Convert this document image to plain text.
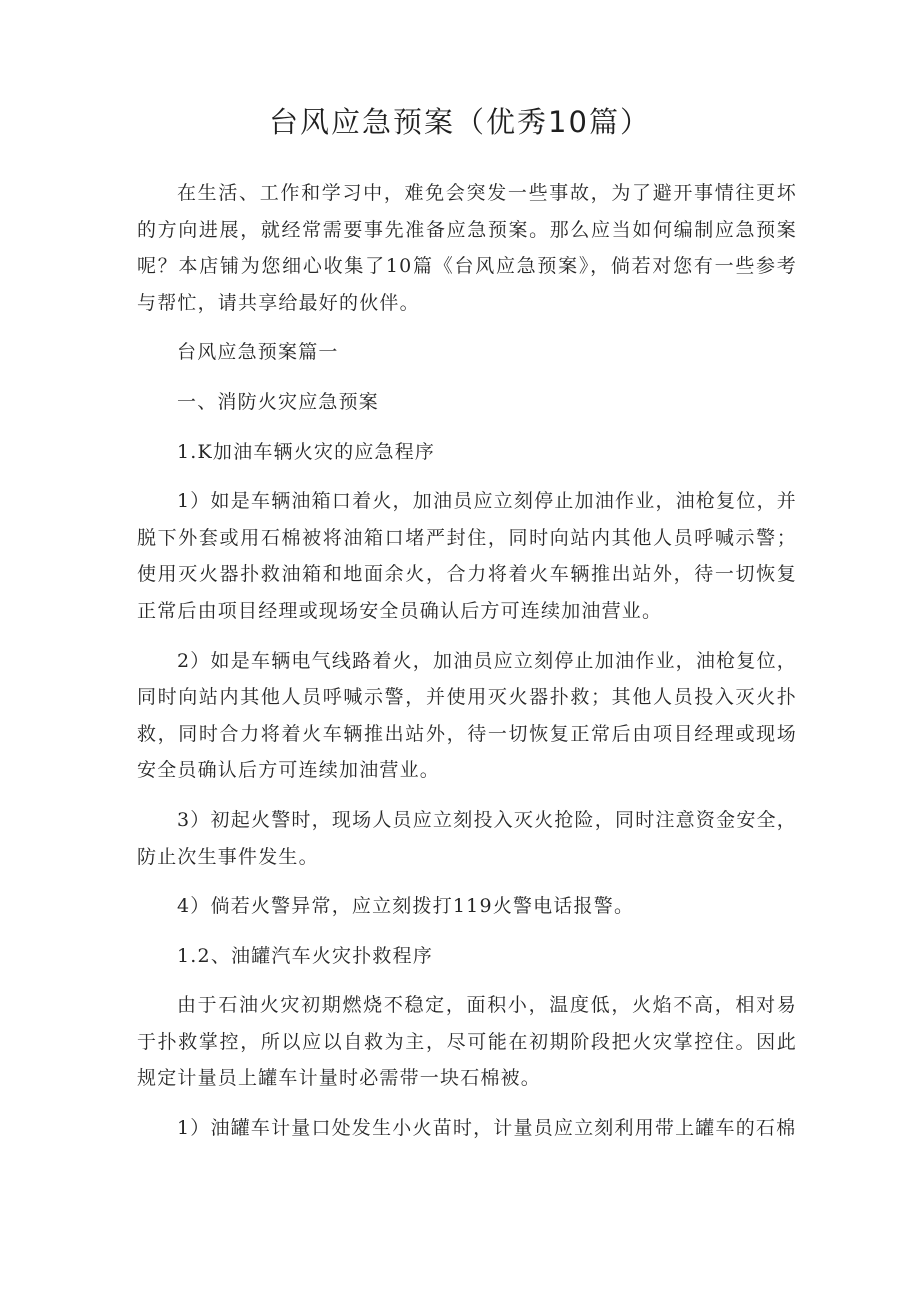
台风应急预案（优秀10篇）

在生活、工作和学习中，难免会突发一些事故，为了避开事情往更坏的方向进展，就经常需要事先准备应急预案。那么应当如何编制应急预案呢？本店铺为您细心收集了10篇《台风应急预案》，倘若对您有一些参考与帮忙，请共享给最好的伙伴。

台风应急预案篇一

一、消防火灾应急预案

1.K加油车辆火灾的应急程序

1）如是车辆油箱口着火，加油员应立刻停止加油作业，油枪复位，并脱下外套或用石棉被将油箱口堵严封住，同时向站内其他人员呼喊示警；使用灭火器扑救油箱和地面余火，合力将着火车辆推出站外，待一切恢复正常后由项目经理或现场安全员确认后方可连续加油营业。

2）如是车辆电气线路着火，加油员应立刻停止加油作业，油枪复位，同时向站内其他人员呼喊示警，并使用灭火器扑救；其他人员投入灭火扑救，同时合力将着火车辆推出站外，待一切恢复正常后由项目经理或现场安全员确认后方可连续加油营业。

3）初起火警时，现场人员应立刻投入灭火抢险，同时注意资金安全，防止次生事件发生。

4）倘若火警异常，应立刻拨打119火警电话报警。

1.2、油罐汽车火灾扑救程序

由于石油火灾初期燃烧不稳定，面积小，温度低，火焰不高，相对易于扑救掌控，所以应以自救为主，尽可能在初期阶段把火灾掌控住。因此规定计量员上罐车计量时必需带一块石棉被。

1）油罐车计量口处发生小火苗时，计量员应立刻利用带上罐车的石棉
